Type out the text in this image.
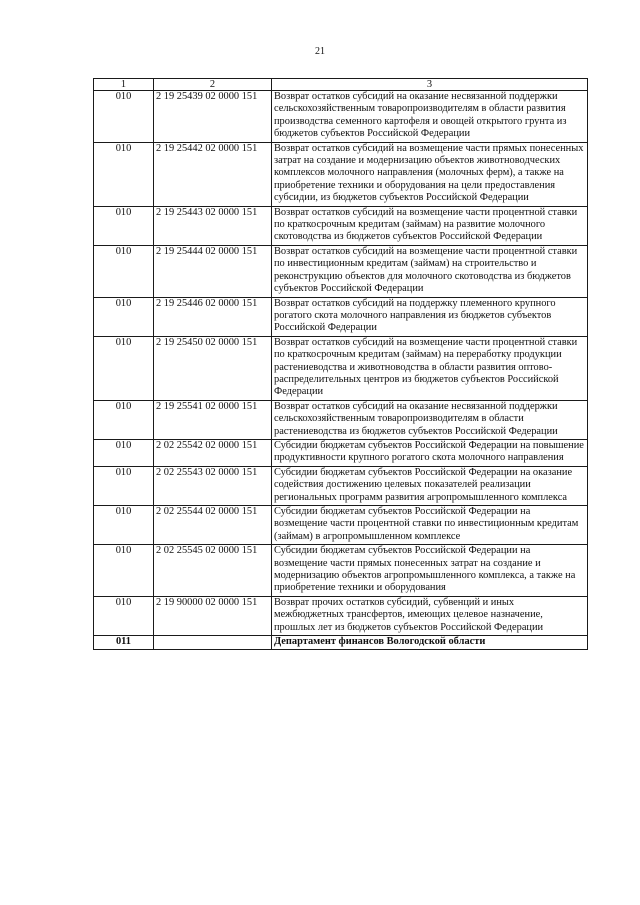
21
1	2	3
010	2 19 25439 02 0000 151	Возврат остатков субсидий на оказание несвязанной поддержки сельскохозяйственным товаропроизводителям в области развития производства семенного картофеля и овощей открытого грунта из бюджетов субъектов Российской Федерации
010	2 19 25442 02 0000 151	Возврат остатков субсидий на возмещение части прямых понесенных затрат на создание и модернизацию объектов животноводческих комплексов молочного направления (молочных ферм), а также на приобретение техники и оборудования на цели предоставления субсидии, из бюджетов субъектов Российской Федерации
010	2 19 25443 02 0000 151	Возврат остатков субсидий на возмещение части процентной ставки по краткосрочным кредитам (займам) на развитие молочного скотоводства из бюджетов субъектов Российской Федерации
010	2 19 25444 02 0000 151	Возврат остатков субсидий на возмещение части процентной ставки по инвестиционным кредитам (займам) на строительство и реконструкцию объектов для молочного скотоводства из бюджетов субъектов Российской Федерации
010	2 19 25446 02 0000 151	Возврат остатков субсидий на поддержку племенного крупного рогатого скота молочного направления из бюджетов субъектов Российской Федерации
010	2 19 25450 02 0000 151	Возврат остатков субсидий на возмещение части процентной ставки по краткосрочным кредитам (займам) на переработку продукции растениеводства и животноводства в области развития оптово-распределительных центров из бюджетов субъектов Российской Федерации
010	2 19 25541 02 0000 151	Возврат остатков субсидий на оказание несвязанной поддержки сельскохозяйственным товаропроизводителям в области растениеводства из бюджетов субъектов Российской Федерации
010	2 02 25542 02 0000 151	Субсидии бюджетам субъектов Российской Федерации на повышение продуктивности крупного рогатого скота молочного направления
010	2 02 25543 02 0000 151	Субсидии бюджетам субъектов Российской Федерации на оказание содействия достижению целевых показателей реализации региональных программ развития агропромышленного комплекса
010	2 02 25544 02 0000 151	Субсидии бюджетам субъектов Российской Федерации на возмещение части процентной ставки по инвестиционным кредитам (займам) в агропромышленном комплексе
010	2 02 25545 02 0000 151	Субсидии бюджетам субъектов Российской Федерации на возмещение части прямых понесенных затрат на создание и модернизацию объектов агропромышленного комплекса, а также на приобретение техники и оборудования
010	2 19 90000 02 0000 151	Возврат прочих остатков субсидий, субвенций и иных межбюджетных трансфертов, имеющих целевое назначение, прошлых лет из бюджетов субъектов Российской Федерации
011		Департамент финансов Вологодской области
